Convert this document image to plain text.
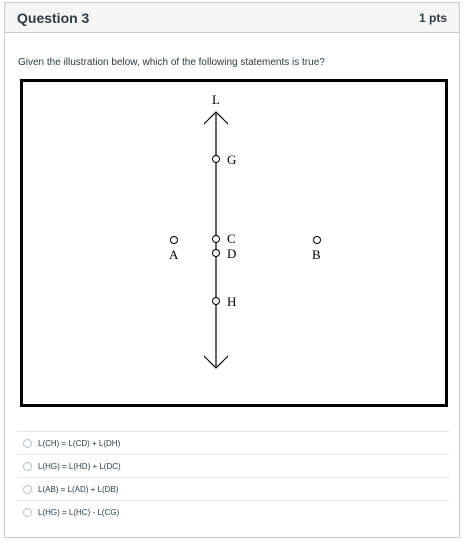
Question 3	1 pts
Given the illustration below, which of the following statements is true?
L
G
C
D
H
A	B
L(CH) = L(CD) + L(DH)
L(HG) = L(HD) + L(DC)
L(AB) = L(AD) + L(DB)
L(HG) = L(HC) - L(CG)
